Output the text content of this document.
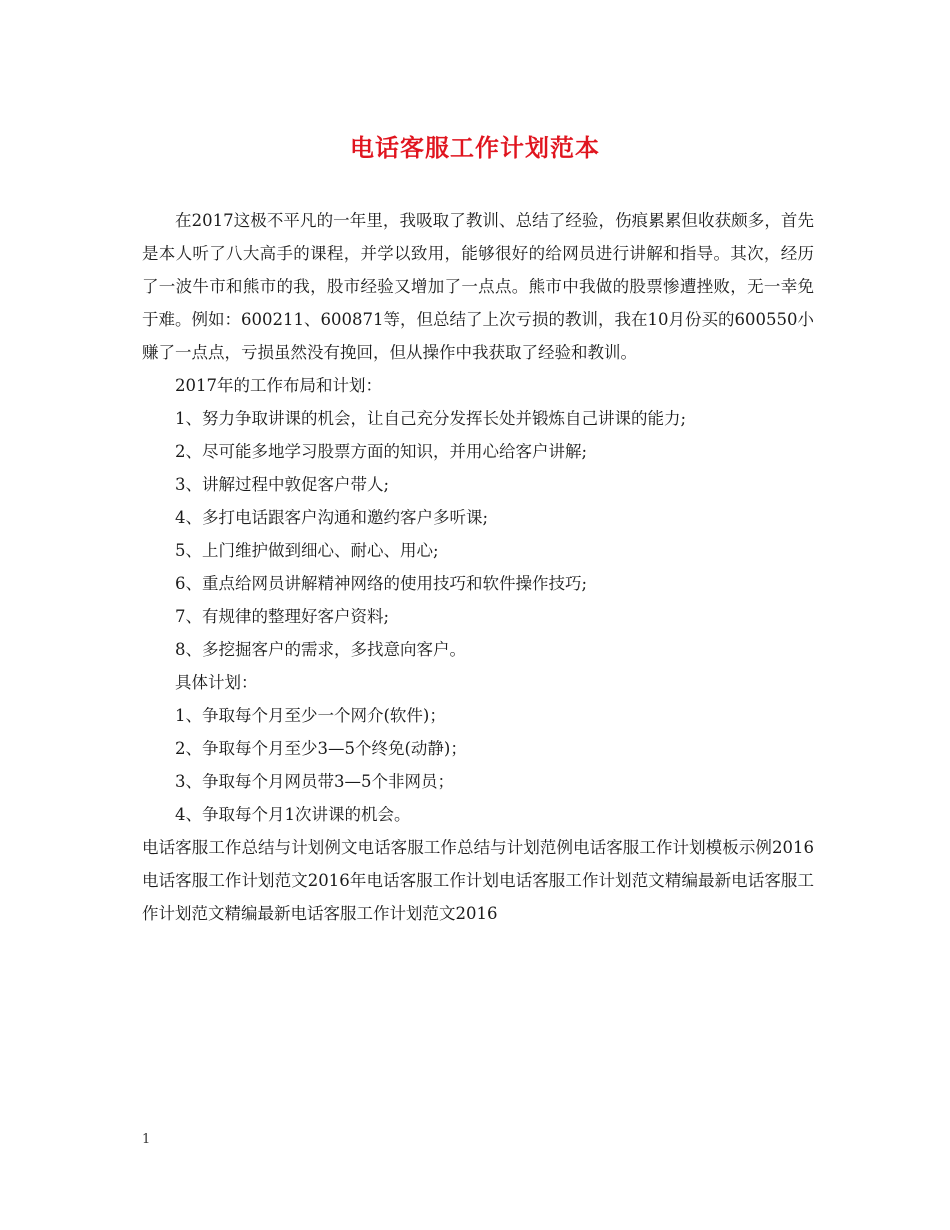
电话客服工作计划范本

在2017这极不平凡的一年里，我吸取了教训、总结了经验，伤痕累累但收获颇多，首先是本人听了八大高手的课程，并学以致用，能够很好的给网员进行讲解和指导。其次，经历了一波牛市和熊市的我，股市经验又增加了一点点。熊市中我做的股票惨遭挫败，无一幸免于难。例如：600211、600871等，但总结了上次亏损的教训，我在10月份买的600550小赚了一点点，亏损虽然没有挽回，但从操作中我获取了经验和教训。

2017年的工作布局和计划：

1、努力争取讲课的机会，让自己充分发挥长处并锻炼自己讲课的能力;

2、尽可能多地学习股票方面的知识，并用心给客户讲解;

3、讲解过程中敦促客户带人;

4、多打电话跟客户沟通和邀约客户多听课;

5、上门维护做到细心、耐心、用心;

6、重点给网员讲解精神网络的使用技巧和软件操作技巧;

7、有规律的整理好客户资料;

8、多挖掘客户的需求，多找意向客户。

具体计划：

1、争取每个月至少一个网介(软件)；

2、争取每个月至少3—5个终免(动静)；

3、争取每个月网员带3—5个非网员；

4、争取每个月1次讲课的机会。

电话客服工作总结与计划例文电话客服工作总结与计划范例电话客服工作计划模板示例2016电话客服工作计划范文2016年电话客服工作计划电话客服工作计划范文精编最新电话客服工作计划范文精编最新电话客服工作计划范文2016

1
